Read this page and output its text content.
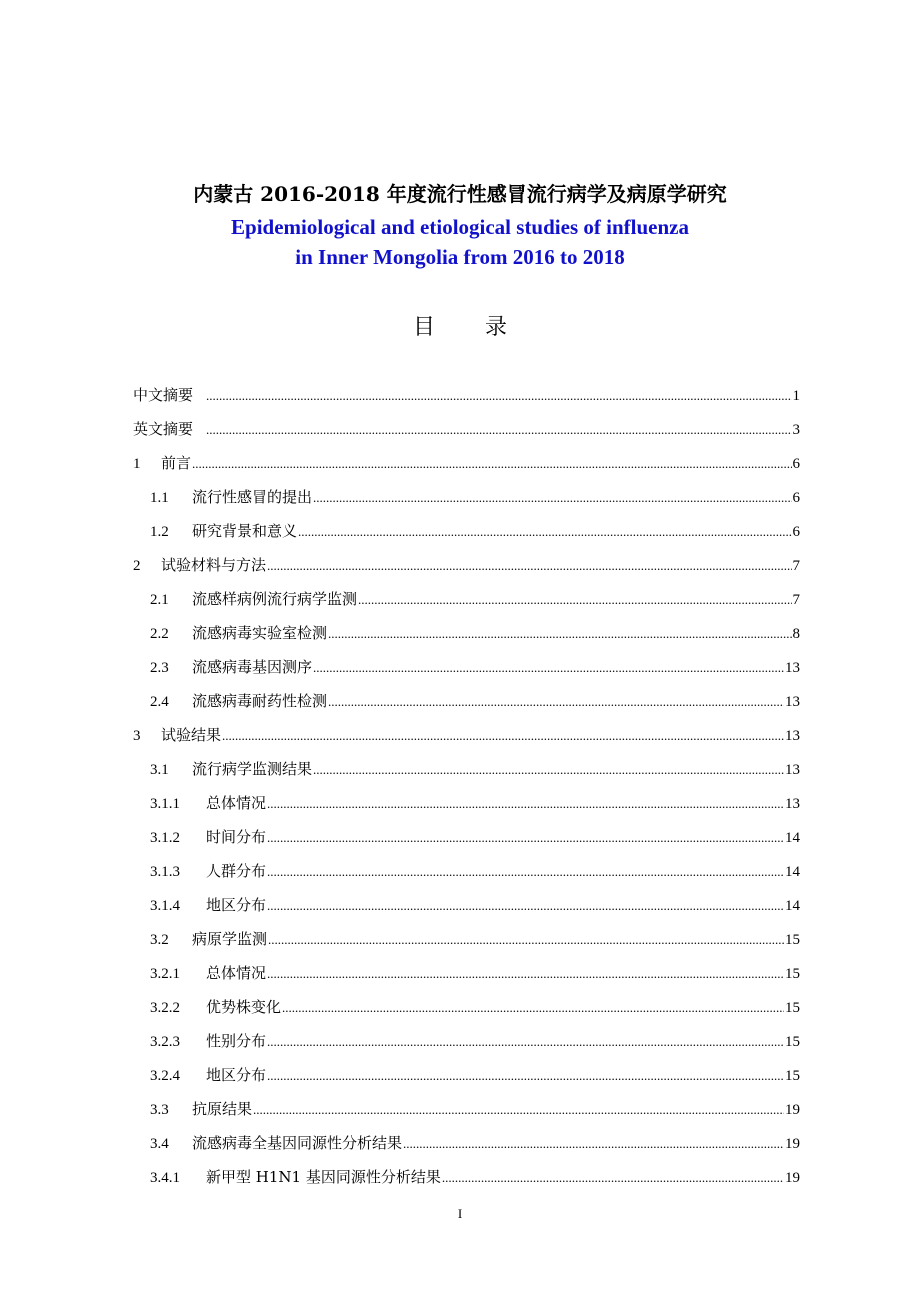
内蒙古 2016-2018 年度流行性感冒流行病学及病原学研究
Epidemiological and etiological studies of influenza
in Inner Mongolia from 2016 to 2018
目录
中文摘要 .....	1
英文摘要 .....	3
1	前言 .....	6
1.1	流行性感冒的提出 .....	6
1.2	研究背景和意义 .....	6
2	试验材料与方法 .....	7
2.1	流感样病例流行病学监测 .....	7
2.2	流感病毒实验室检测 .....	8
2.3	流感病毒基因测序 .....	13
2.4	流感病毒耐药性检测 .....	13
3	试验结果 .....	13
3.1	流行病学监测结果 .....	13
3.1.1	总体情况 .....	13
3.1.2	时间分布 .....	14
3.1.3	人群分布 .....	14
3.1.4	地区分布 .....	14
3.2	病原学监测 .....	15
3.2.1	总体情况 .....	15
3.2.2	优势株变化 .....	15
3.2.3	性别分布 .....	15
3.2.4	地区分布 .....	15
3.3	抗原结果 .....	19
3.4	流感病毒全基因同源性分析结果 .....	19
3.4.1	新甲型 H1N1 基因同源性分析结果 .....	19
I
